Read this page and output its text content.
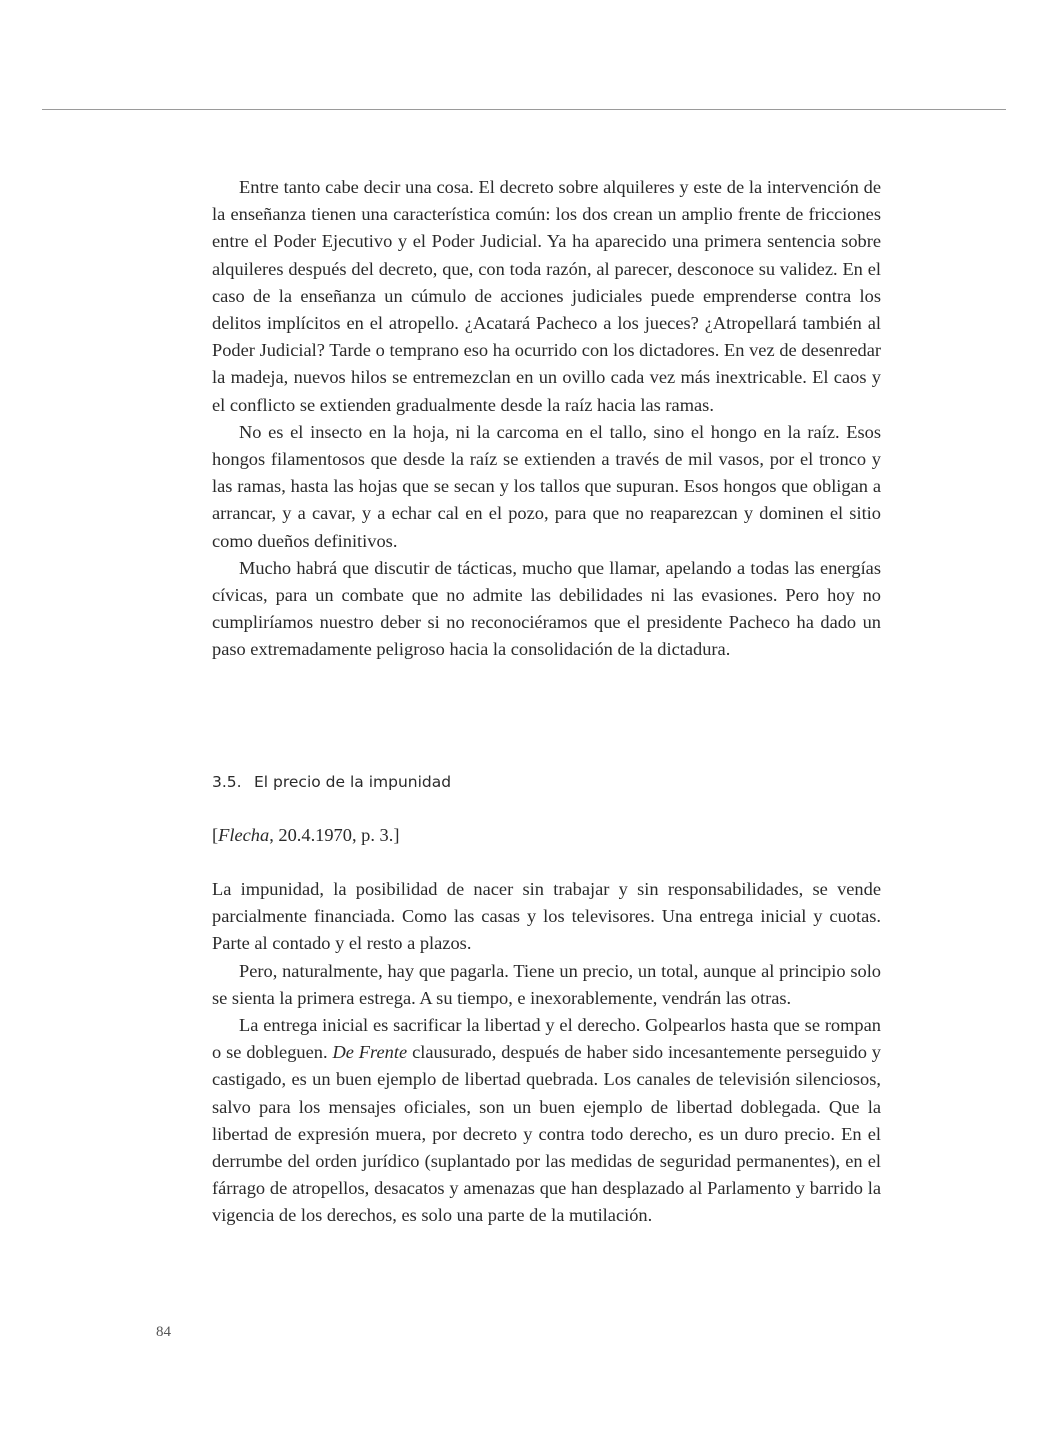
Entre tanto cabe decir una cosa. El decreto sobre alquileres y este de la intervención de la enseñanza tienen una característica común: los dos crean un amplio frente de fricciones entre el Poder Ejecutivo y el Poder Judicial. Ya ha aparecido una primera sentencia sobre alquileres después del decreto, que, con toda razón, al parecer, desconoce su validez. En el caso de la enseñanza un cúmulo de acciones judiciales puede emprenderse contra los delitos implícitos en el atropello. ¿Acatará Pacheco a los jueces? ¿Atropellará también al Poder Judicial? Tarde o temprano eso ha ocurrido con los dictadores. En vez de desenredar la madeja, nuevos hilos se entremezclan en un ovillo cada vez más inextricable. El caos y el conflicto se extienden gradualmente desde la raíz hacia las ramas.

No es el insecto en la hoja, ni la carcoma en el tallo, sino el hongo en la raíz. Esos hongos filamentosos que desde la raíz se extienden a través de mil vasos, por el tronco y las ramas, hasta las hojas que se secan y los tallos que supuran. Esos hongos que obligan a arrancar, y a cavar, y a echar cal en el pozo, para que no reaparezcan y dominen el sitio como dueños definitivos.

Mucho habrá que discutir de tácticas, mucho que llamar, apelando a todas las energías cívicas, para un combate que no admite las debilidades ni las evasiones. Pero hoy no cumpliríamos nuestro deber si no reconociéramos que el presidente Pacheco ha dado un paso extremadamente peligroso hacia la consolidación de la dictadura.

3.5. El precio de la impunidad
[Flecha, 20.4.1970, p. 3.]

La impunidad, la posibilidad de nacer sin trabajar y sin responsabilidades, se vende parcialmente financiada. Como las casas y los televisores. Una entrega inicial y cuotas. Parte al contado y el resto a plazos.

Pero, naturalmente, hay que pagarla. Tiene un precio, un total, aunque al principio solo se sienta la primera estrega. A su tiempo, e inexorablemente, vendrán las otras.

La entrega inicial es sacrificar la libertad y el derecho. Golpearlos hasta que se rompan o se dobleguen. De Frente clausurado, después de haber sido incesantemente perseguido y castigado, es un buen ejemplo de libertad quebrada. Los canales de televisión silenciosos, salvo para los mensajes oficiales, son un buen ejemplo de libertad doblegada. Que la libertad de expresión muera, por decreto y contra todo derecho, es un duro precio. En el derrumbe del orden jurídico (suplantado por las medidas de seguridad permanentes), en el fárrago de atropellos, desacatos y amenazas que han desplazado al Parlamento y barrido la vigencia de los derechos, es solo una parte de la mutilación.

84
